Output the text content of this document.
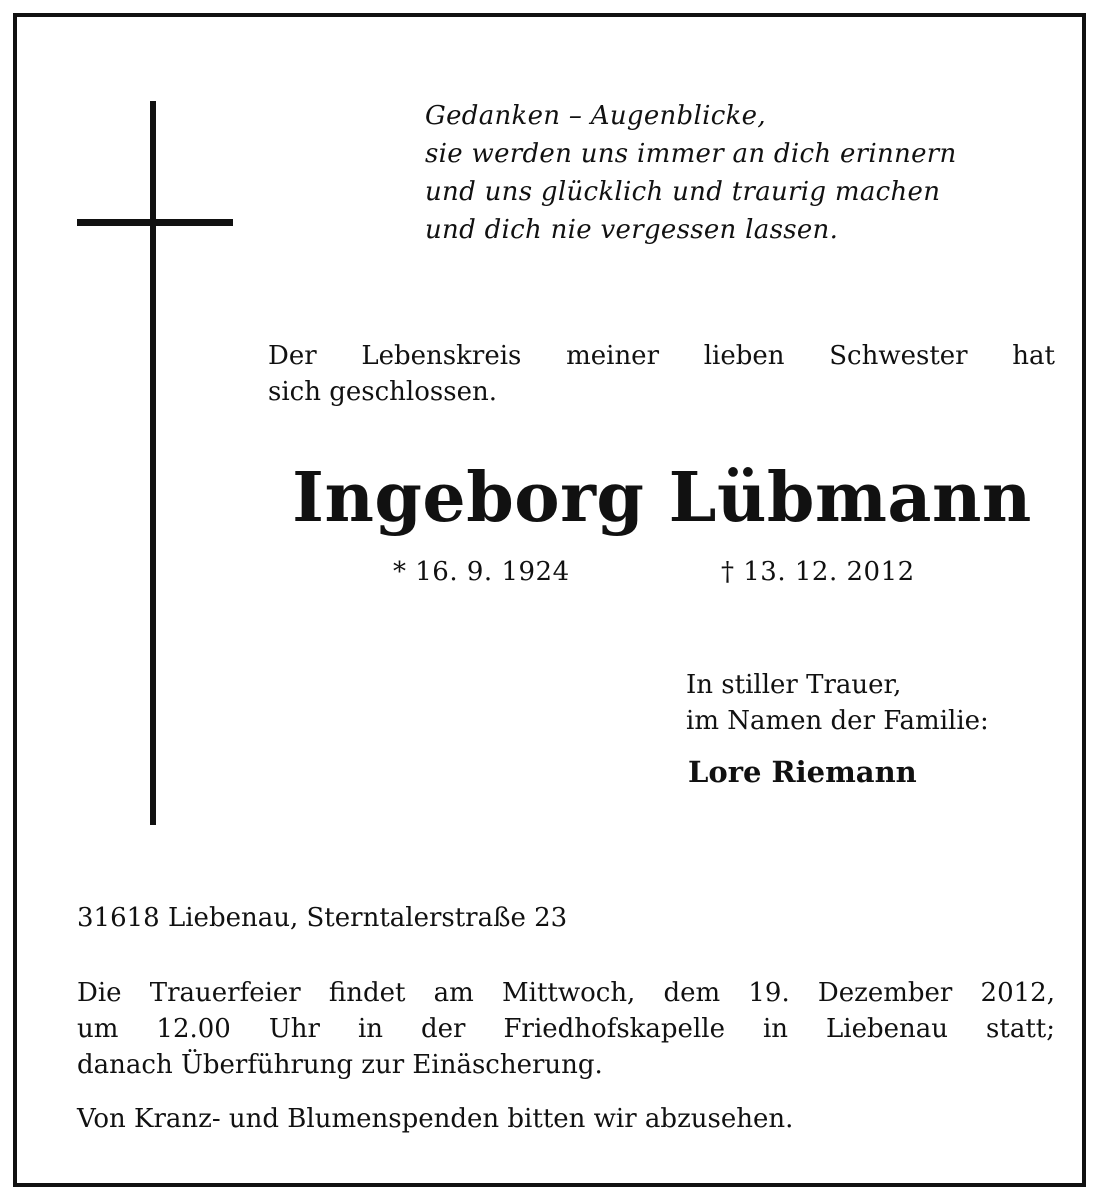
Gedanken – Augenblicke,
sie werden uns immer an dich erinnern
und uns glücklich und traurig machen
und dich nie vergessen lassen.
Der Lebenskreis meiner lieben Schwester hat
sich geschlossen.
Ingeborg Lübmann
* 16. 9. 1924	† 13. 12. 2012
In stiller Trauer,
im Namen der Familie:
Lore Riemann
31618 Liebenau, Sterntalerstraße 23
Die Trauerfeier findet am Mittwoch, dem 19. Dezember 2012,
um 12.00 Uhr in der Friedhofskapelle in Liebenau statt;
danach Überführung zur Einäscherung.
Von Kranz- und Blumenspenden bitten wir abzusehen.
